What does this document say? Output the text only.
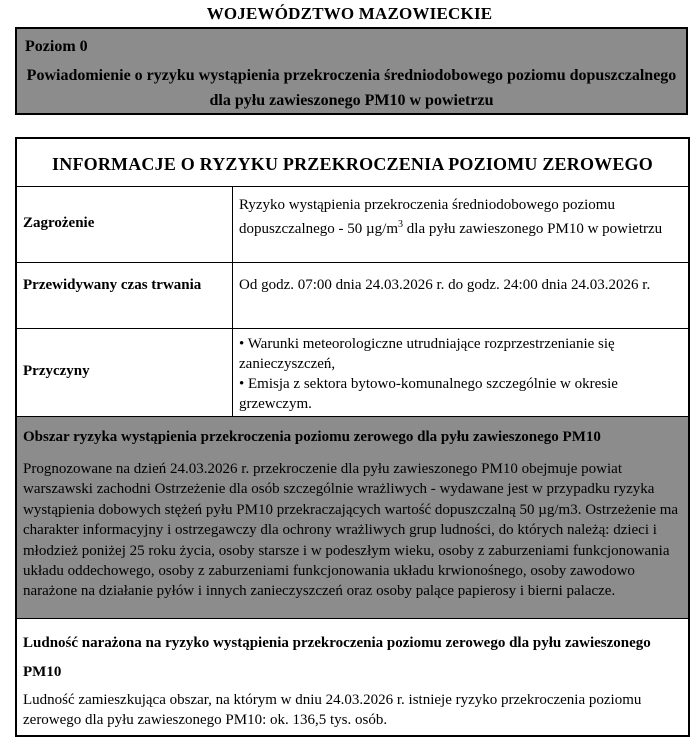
WOJEWÓDZTWO MAZOWIECKIE
Poziom 0
Powiadomienie o ryzyku wystąpienia przekroczenia średniodobowego poziomu dopuszczalnego dla pyłu zawieszonego PM10 w powietrzu
INFORMACJE O RYZYKU PRZEKROCZENIA POZIOMU ZEROWEGO
Zagrożenie
Ryzyko wystąpienia przekroczenia średniodobowego poziomu dopuszczalnego - 50 $\mu g/m^3$ dla pyłu zawieszonego PM10 w powietrzu
Przewidywany czas trwania	Od godz. 07:00 dnia 24.03.2026 r. do godz. 24:00 dnia 24.03.2026 r.
Przyczyny
• Warunki meteorologiczne utrudniające rozprzestrzenianie się zanieczyszczeń,
• Emisja z sektora bytowo-komunalnego szczególnie w okresie grzewczym.
Obszar ryzyka wystąpienia przekroczenia poziomu zerowego dla pyłu zawieszonego PM10
Prognozowane na dzień 24.03.2026 r. przekroczenie dla pyłu zawieszonego PM10 obejmuje powiat warszawski zachodni Ostrzeżenie dla osób szczególnie wrażliwych - wydawane jest w przypadku ryzyka wystąpienia dobowych stężeń pyłu PM10 przekraczających wartość dopuszczalną 50 µg/m3. Ostrzeżenie ma charakter informacyjny i ostrzegawczy dla ochrony wrażliwych grup ludności, do których należą: dzieci i młodzież poniżej 25 roku życia, osoby starsze i w podeszłym wieku, osoby z zaburzeniami funkcjonowania układu oddechowego, osoby z zaburzeniami funkcjonowania układu krwionośnego, osoby zawodowo narażone na działanie pyłów i innych zanieczyszczeń oraz osoby palące papierosy i bierni palacze.
Ludność narażona na ryzyko wystąpienia przekroczenia poziomu zerowego dla pyłu zawieszonego PM10
Ludność zamieszkująca obszar, na którym w dniu 24.03.2026 r. istnieje ryzyko przekroczenia poziomu zerowego dla pyłu zawieszonego PM10: ok. 136,5 tys. osób.
